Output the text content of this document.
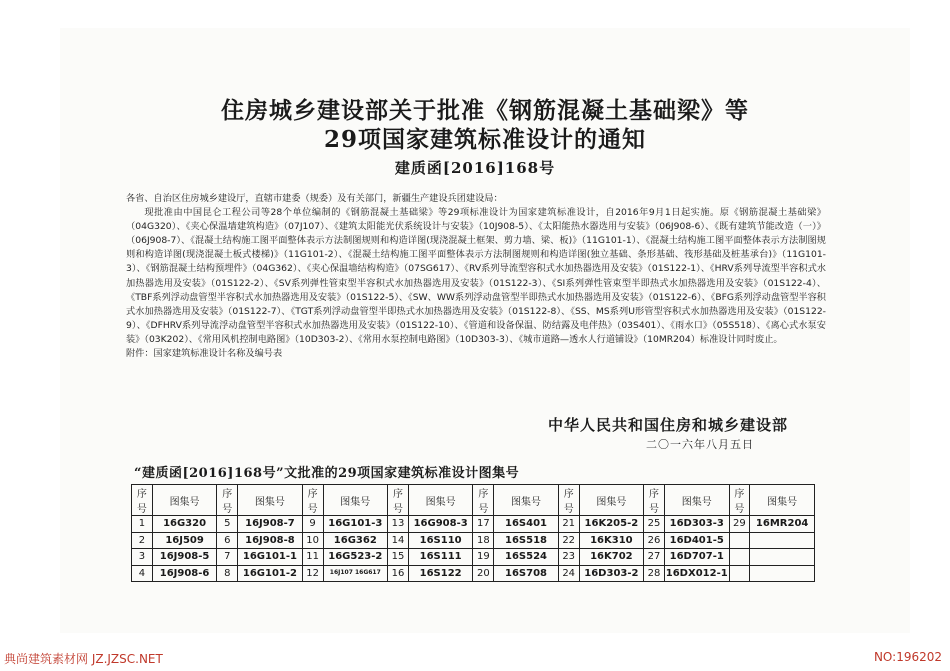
住房城乡建设部关于批准《钢筋混凝土基础梁》等
29项国家建筑标准设计的通知
建质函[2016]168号

各省、自治区住房城乡建设厅，直辖市建委（规委）及有关部门，新疆生产建设兵团建设局：

现批准由中国昆仑工程公司等28个单位编制的《钢筋混凝土基础梁》等29项标准设计为国家建筑标准设计，自2016年9月1日起实施。原《钢筋混凝土基础梁》（04G320）、《夹心保温墙建筑构造》（07J107）、《建筑太阳能光伏系统设计与安装》（10J908-5）、《太阳能热水器选用与安装》（06J908-6）、《既有建筑节能改造（一）》（06J908-7）、《混凝土结构施工图平面整体表示方法制图规则和构造详图(现浇混凝土框架、剪力墙、梁、板)》（11G101-1）、《混凝土结构施工图平面整体表示方法制图规则和构造详图(现浇混凝土板式楼梯)》（11G101-2）、《混凝土结构施工图平面整体表示方法制图规则和构造详图(独立基础、条形基础、筏形基础及桩基承台)》（11G101-3）、《钢筋混凝土结构预埋件》（04G362）、《夹心保温墙结构构造》（07SG617）、《RV系列导流型容积式水加热器选用及安装》（01S122-1）、《HRV系列导流型半容积式水加热器选用及安装》（01S122-2）、《SV系列弹性管束型半容积式水加热器选用及安装》（01S122-3）、《SI系列弹性管束型半即热式水加热器选用及安装》（01S122-4）、《TBF系列浮动盘管型半容积式水加热器选用及安装》（01S122-5）、《SW、WW系列浮动盘管型半即热式水加热器选用及安装》（01S122-6）、《BFG系列浮动盘管型半容积式水加热器选用及安装》（01S122-7）、《TGT系列浮动盘管型半即热式水加热器选用及安装》（01S122-8）、《SS、MS系列U形管型容积式水加热器选用及安装》（01S122-9）、《DFHRV系列导流浮动盘管型半容积式水加热器选用及安装》（01S122-10）、《管道和设备保温、防结露及电伴热》（03S401）、《雨水口》（05S518）、《离心式水泵安装》（03K202）、《常用风机控制电路图》（10D303-2）、《常用水泵控制电路图》（10D303-3）、《城市道路—透水人行道铺设》（10MR204）标准设计同时废止。

附件：国家建筑标准设计名称及编号表

中华人民共和国住房和城乡建设部
二〇一六年八月五日
“建质函[2016]168号”文批准的29项国家建筑标准设计图集号
序号	图集号	序号	图集号	序号	图集号	序号	图集号	序号	图集号	序号	图集号	序号	图集号	序号	图集号
1	16G320	5	16J908-7	9	16G101-3	13	16G908-3	17	16S401	21	16K205-2	25	16D303-3	29	16MR204
2	16J509	6	16J908-8	10	16G362	14	16S110	18	16S518	22	16K310	26	16D401-5		
3	16J908-5	7	16G101-1	11	16G523-2	15	16S111	19	16S524	23	16K702	27	16D707-1		
4	16J908-6	8	16G101-2	12	16J107 16G617	16	16S122	20	16S708	24	16D303-2	28	16DX012-1		
典尚建筑素材网 JZ.JZSC.NET	NO:196202
